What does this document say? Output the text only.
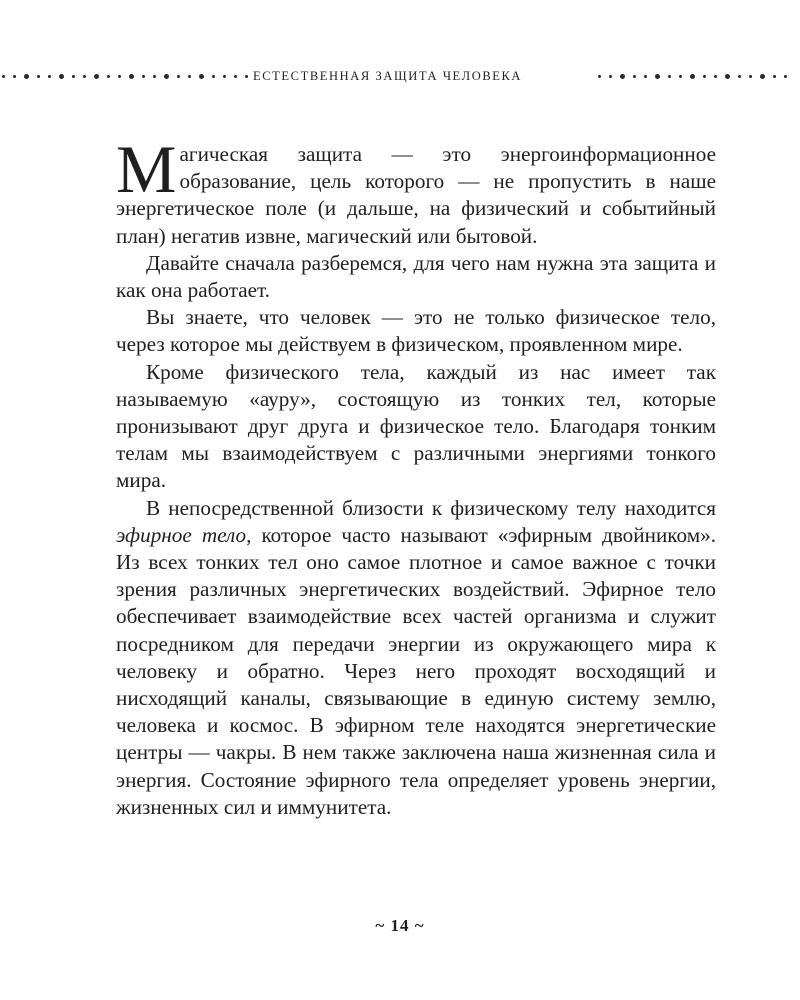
ЕСТЕСТВЕННАЯ ЗАЩИТА ЧЕЛОВЕКА

Магическая защита — это энергоинформационное образование, цель которого — не пропустить в наше энергетическое поле (и дальше, на физический и событийный план) негатив извне, магический или бытовой.

Давайте сначала разберемся, для чего нам нужна эта защита и как она работает.

Вы знаете, что человек — это не только физическое тело, через которое мы действуем в физическом, проявленном мире.

Кроме физического тела, каждый из нас имеет так называемую «ауру», состоящую из тонких тел, которые пронизывают друг друга и физическое тело. Благодаря тонким телам мы взаимодействуем с различными энергиями тонкого мира.

В непосредственной близости к физическому телу находится эфирное тело, которое часто называют «эфирным двойником». Из всех тонких тел оно самое плотное и самое важное с точки зрения различных энергетических воздействий. Эфирное тело обеспечивает взаимодействие всех частей организма и служит посредником для передачи энергии из окружающего мира к человеку и обратно. Через него проходят восходящий и нисходящий каналы, связывающие в единую систему землю, человека и космос. В эфирном теле находятся энергетические центры — чакры. В нем также заключена наша жизненная сила и энергия. Состояние эфирного тела определяет уровень энергии, жизненных сил и иммунитета.

~ 14 ~
